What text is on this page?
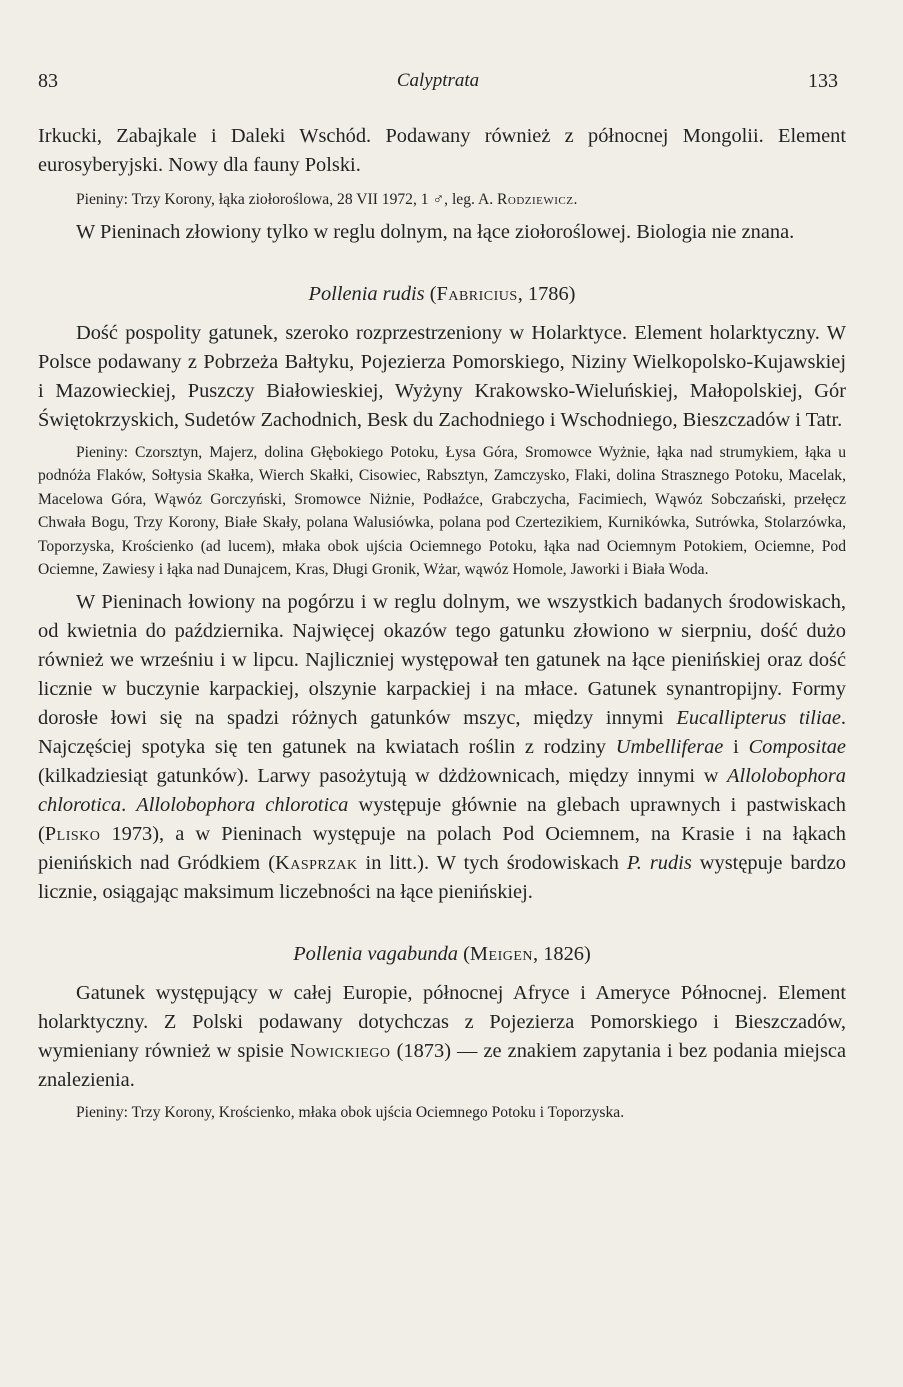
83	Calyptrata	133

Irkucki, Zabajkale i Daleki Wschód. Podawany również z północnej Mongolii. Element eurosyberyjski. Nowy dla fauny Polski.

Pieniny: Trzy Korony, łąka ziołoroślowa, 28 VII 1972, 1 ♂, leg. A. Rodziewicz.

W Pieninach złowiony tylko w reglu dolnym, na łące ziołoroślowej. Biologia nie znana.

Pollenia rudis (Fabricius, 1786)

Dość pospolity gatunek, szeroko rozprzestrzeniony w Holarktyce. Element holarktyczny. W Polsce podawany z Pobrzeża Bałtyku, Pojezierza Pomorskiego, Niziny Wielkopolsko-Kujawskiej i Mazowieckiej, Puszczy Białowieskiej, Wyżyny Krakowsko-Wieluńskiej, Małopolskiej, Gór Świętokrzyskich, Sudetów Zachodnich, Besk du Zachodniego i Wschodniego, Bieszczadów i Tatr.

Pieniny: Czorsztyn, Majerz, dolina Głębokiego Potoku, Łysa Góra, Sromowce Wyżnie, łąka nad strumykiem, łąka u podnóża Flaków, Sołtysia Skałka, Wierch Skałki, Cisowiec, Rabsztyn, Zamczysko, Flaki, dolina Strasznego Potoku, Macelak, Macelowa Góra, Wąwóz Gorczyński, Sromowce Niżnie, Podłaźce, Grabczycha, Facimiech, Wąwóz Sobczański, przełęcz Chwała Bogu, Trzy Korony, Białe Skały, polana Walusiówka, polana pod Czertezikiem, Kurnikówka, Sutrówka, Stolarzówka, Toporzyska, Krościenko (ad lucem), młaka obok ujścia Ociemnego Potoku, łąka nad Ociemnym Potokiem, Ociemne, Pod Ociemne, Zawiesy i łąka nad Dunajcem, Kras, Długi Gronik, Wżar, wąwóz Homole, Jaworki i Biała Woda.

W Pieninach łowiony na pogórzu i w reglu dolnym, we wszystkich badanych środowiskach, od kwietnia do października. Najwięcej okazów tego gatunku złowiono w sierpniu, dość dużo również we wrześniu i w lipcu. Najliczniej występował ten gatunek na łące pienińskiej oraz dość licznie w buczynie karpackiej, olszynie karpackiej i na młace. Gatunek synantropijny. Formy dorosłe łowi się na spadzi różnych gatunków mszyc, między innymi Eucallipterus tiliae. Najczęściej spotyka się ten gatunek na kwiatach roślin z rodziny Umbelliferae i Compositae (kilkadziesiąt gatunków). Larwy pasożytują w dżdżownicach, między innymi w Allolobophora chlorotica. Allolobophora chlorotica występuje głównie na glebach uprawnych i pastwiskach (Plisko 1973), a w Pieninach występuje na polach Pod Ociemnem, na Krasie i na łąkach pienińskich nad Gródkiem (Kasprzak in litt.). W tych środowiskach P. rudis występuje bardzo licznie, osiągając maksimum liczebności na łące pienińskiej.

Pollenia vagabunda (Meigen, 1826)

Gatunek występujący w całej Europie, północnej Afryce i Ameryce Północnej. Element holarktyczny. Z Polski podawany dotychczas z Pojezierza Pomorskiego i Bieszczadów, wymieniany również w spisie Nowickiego (1873) — ze znakiem zapytania i bez podania miejsca znalezienia.

Pieniny: Trzy Korony, Krościenko, młaka obok ujścia Ociemnego Potoku i Toporzyska.
